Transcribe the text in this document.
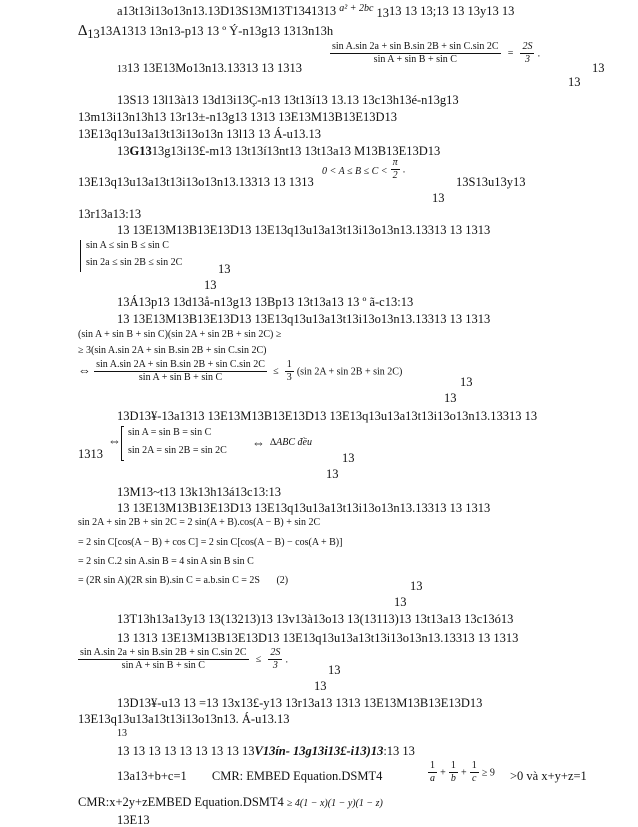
a13t13i13o13n13.13D13S13M13T1341313 $^{a^2 + 2bc}$ 1313 13 13;13 13 13y13 13
∆1313A1313 13n13-p13 13 º Ý-n13g13 1313n13h
$\frac{\text{sin A.sin 2a + sin B.sin 2B + sin C.sin 2C}}{\text{sin A + sin B + sin C}} = \frac{2S}{3}$ .
1313 13E13Mo13n13.13313 13 1313	13
13
13S13 13l13à13 13d13i13Ç-n13 13t13í13 13.13 13c13h13é-n13g13
13m13i13n13h13 13r13±-n13g13 1313 13E13M13B13E13D13
13E13q13u13a13t13i13o13n 13l13 13 Á-u13.13
13G1313g13i13£-m13 13t13í13nt13 13t13a13 M13B13E13D13
13E13q13u13a13t13i13o13n13.13313 13 1313
$0 < A \le B \le C < \frac{\pi}{2}$ .
13S13u13y13
13
13r13a13:13
13 13E13M13B13E13D13 13E13q13u13a13t13i13o13n13.13313 13 1313
sin A ≤ sin B ≤ sin C
sin 2a ≤ sin 2B ≤ sin 2C	13
13
13Á13p13 13d13å-n13g13 13Bp13 13t13a13 13 º ã-c13:13
13 13E13M13B13E13D13 13E13q13u13a13t13i13o13n13.13313 13 1313
(sin A + sin B + sin C)(sin 2A + sin 2B + sin 2C) ≥
≥ 3(sin A.sin 2A + sin B.sin 2B + sin C.sin 2C)
⇔ $\frac{\text{sin A.sin 2A + sin B.sin 2B + sin C.sin 2C}}{\text{sin A + sin B + sin C}} \le \frac{1}{3} (\sin$ 2A + sin 2B + sin 2C)
13
13
13D13¥-13a1313 13E13M13B13E13D13 13E13q13u13a13t13i13o13n13.13313 13
1313
⇔
sin A = sin B = sin C
sin 2A = sin 2B = sin 2C
⇔ ∆ABC đều
13
13
13M13~t13 13k13h13á13c13:13
13 13E13M13B13E13D13 13E13q13u13a13t13i13o13n13.13313 13 1313
sin 2A + sin 2B + sin 2C = 2 sin(A + B).cos(A − B) + sin 2C
= 2 sin C[cos(A − B) + cos C] = 2 sin C[cos(A − B) − cos(A + B)]
= 2 sin C.2 sin A.sin B = 4 sin A sin B sin C
= (2R sin A)(2R sin B).sin C = a.b.sin C = 2S (2)	13
13
13T13h13a13y13 13(13213)13 13v13à13o13 13(13113)13 13t13a13 13c13ó13
13 1313 13E13M13B13E13D13 13E13q13u13a13t13i13o13n13.13313 13 1313
$\frac{\text{sin A.sin 2a + sin B.sin 2B + sin C.sin 2C}}{\text{sin A + sin B + sin C}} \le \frac{2S}{3}$ .
13
13
13D13¥-u13 13 =13 13x13£-y13 13r13a13 1313 13E13M13B13E13D13
13E13q13u13a13t13i13o13n13. Á-u13.13
13
13 13 13 13 13 13 13 13 13V13ín- 13g13i13£-i13)13:13 13
13a13+b+c=1 CMR: EMBED Equation.DSMT4	$\frac{1}{a} + \frac{1}{b} + \frac{1}{c} \ge 9 >0$ và x+y+z=1
CMR:x+2y+zEMBED Equation.DSMT4 ≥ 4(1 − x)(1 − y)(1 − z)
13E13
